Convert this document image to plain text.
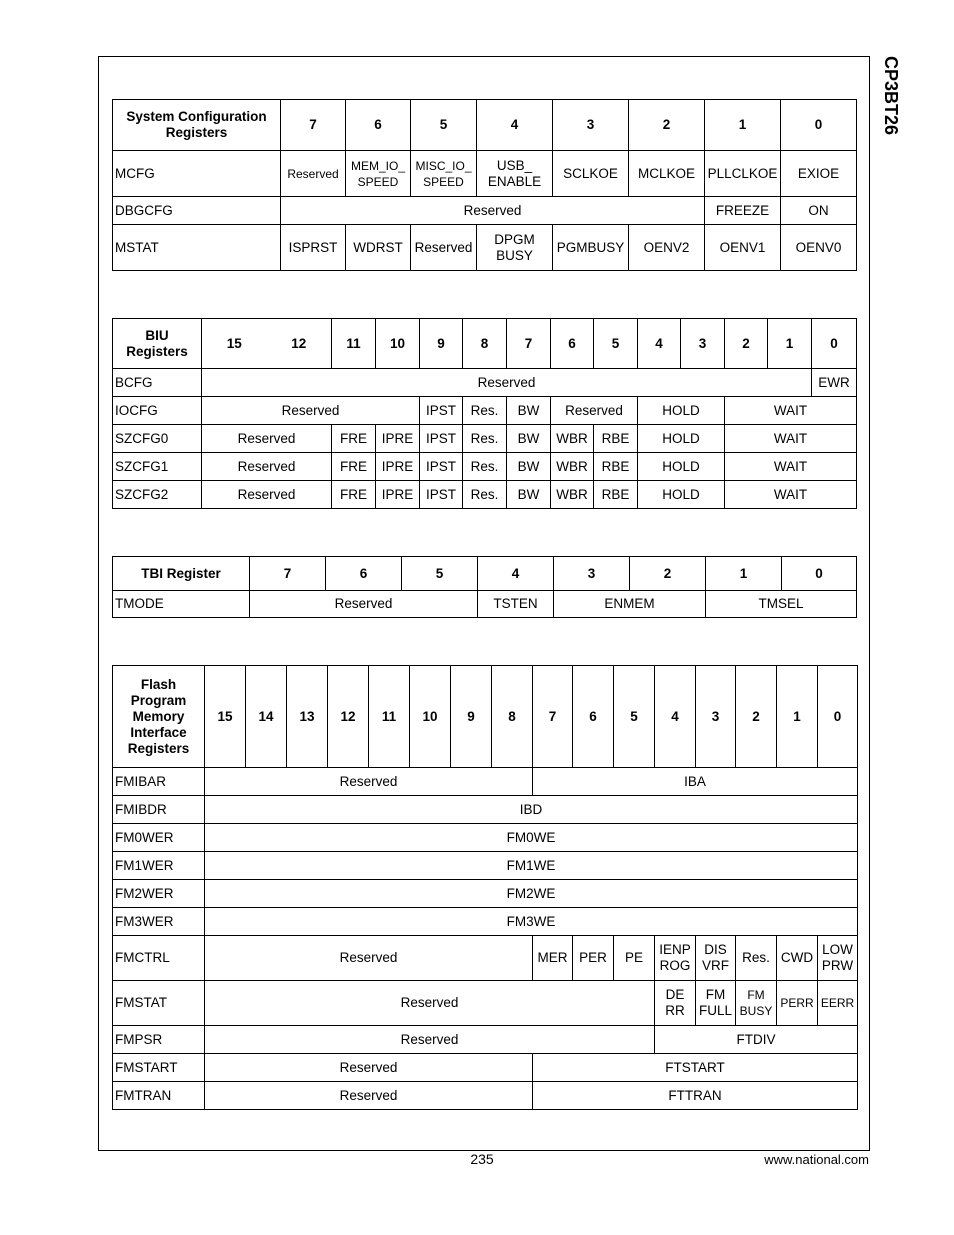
CP3BT26
System Configuration Registers	7	6	5	4	3	2	1	0
MCFG	Reserved	MEM_IO_ SPEED	MISC_IO_ SPEED	USB_ ENABLE	SCLKOE	MCLKOE	PLLCLKOE	EXIOE
DBGCFG	Reserved						FREEZE	ON
MSTAT	ISPRST	WDRST	Reserved	DPGM BUSY	PGMBUSY	OENV2	OENV1	OENV0
BIU Registers	15	12	11	10	9	8	7	6	5	4	3	2	1	0
BCFG	Reserved													EWR
IOCFG	Reserved				IPST	Res.	BW	Reserved		HOLD		WAIT		
SZCFG0	Reserved		FRE	IPRE	IPST	Res.	BW	WBR	RBE	HOLD		WAIT		
SZCFG1	Reserved		FRE	IPRE	IPST	Res.	BW	WBR	RBE	HOLD		WAIT		
SZCFG2	Reserved		FRE	IPRE	IPST	Res.	BW	WBR	RBE	HOLD		WAIT		
TBI Register	7	6	5	4	3	2	1	0
TMODE	Reserved			TSTEN	ENMEM		TMSEL	
Flash Program Memory Interface Registers	15	14	13	12	11	10	9	8	7	6	5	4	3	2	1	0
FMIBAR	Reserved								IBA							
FMIBDR	IBD															
FM0WER	FM0WE															
FM1WER	FM1WE															
FM2WER	FM2WE															
FM3WER	FM3WE															
FMCTRL	Reserved								MER	PER	PE	IENP ROG	DIS VRF	Res.	CWD	LOW PRW
FMSTAT	Reserved											DE RR	FM FULL	FM BUSY	PERR	EERR
FMPSR	Reserved											FTDIV				
FMSTART	Reserved								FTSTART							
FMTRAN	Reserved								FTTRAN							
235	www.national.com
